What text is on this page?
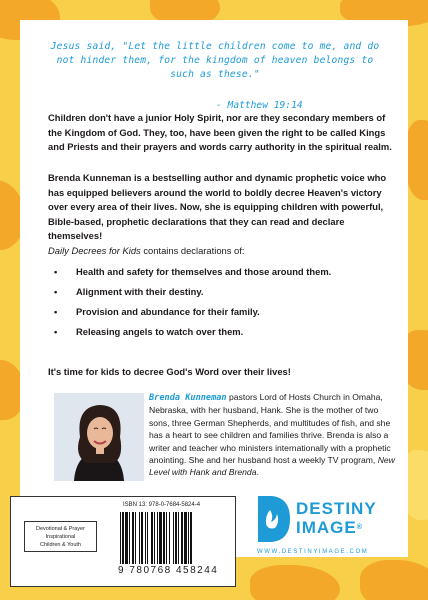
Jesus said, "Let the little children come to me, and do not hinder them, for the kingdom of heaven belongs to such as these."
- Matthew 19:14
Children don't have a junior Holy Spirit, nor are they secondary members of the Kingdom of God. They, too, have been given the right to be called Kings and Priests and their prayers and words carry authority in the spiritual realm.
Brenda Kunneman is a bestselling author and dynamic prophetic voice who has equipped believers around the world to boldly decree Heaven's victory over every area of their lives. Now, she is equipping children with powerful, Bible-based, prophetic declarations that they can read and declare themselves!
Daily Decrees for Kids contains declarations of:
• Health and safety for themselves and those around them.
• Alignment with their destiny.
• Provision and abundance for their family.
• Releasing angels to watch over them.
It's time for kids to decree God's Word over their lives!
Brenda Kunneman pastors Lord of Hosts Church in Omaha, Nebraska, with her husband, Hank. She is the mother of two sons, three German Shepherds, and multitudes of fish, and she has a heart to see children and families thrive. Brenda is also a writer and teacher who ministers internationally with a prophetic anointing. She and her husband host a weekly TV program, New Level with Hank and Brenda.
Devotional & Prayer
Inspirational
Children & Youth
ISBN 13: 978-0-7684-5824-4
9 780768 458244
DESTINY
IMAGE®
WWW.DESTINYIMAGE.COM
